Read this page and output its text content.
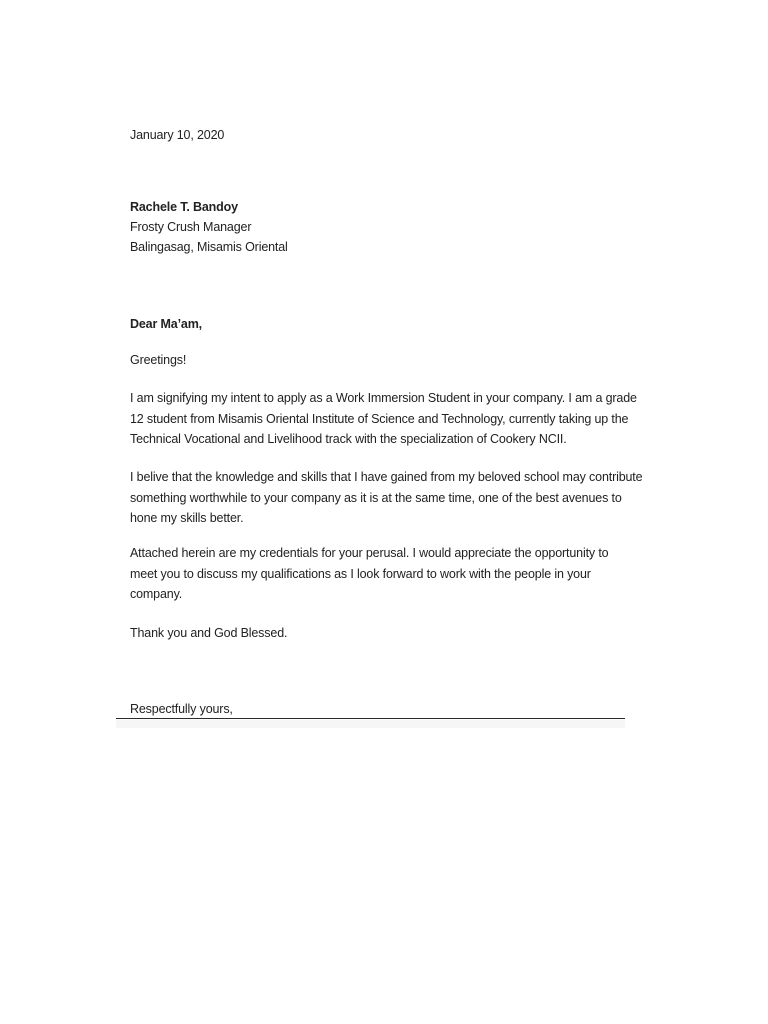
January 10, 2020
Rachele T. Bandoy
Frosty Crush Manager
Balingasag, Misamis Oriental
Dear Ma’am,
Greetings!
I am signifying my intent to apply as a Work Immersion Student in your company. I am a grade
12 student from Misamis Oriental Institute of Science and Technology, currently taking up the
Technical Vocational and Livelihood track with the specialization of Cookery NCII.
I belive that the knowledge and skills that I have gained from my beloved school may contribute
something worthwhile to your company as it is at the same time, one of the best avenues to
hone my skills better.
Attached herein are my credentials for your perusal. I would appreciate the opportunity to
meet you to discuss my qualifications as I look forward to work with the people in your
company.
Thank you and God Blessed.
Respectfully yours,
